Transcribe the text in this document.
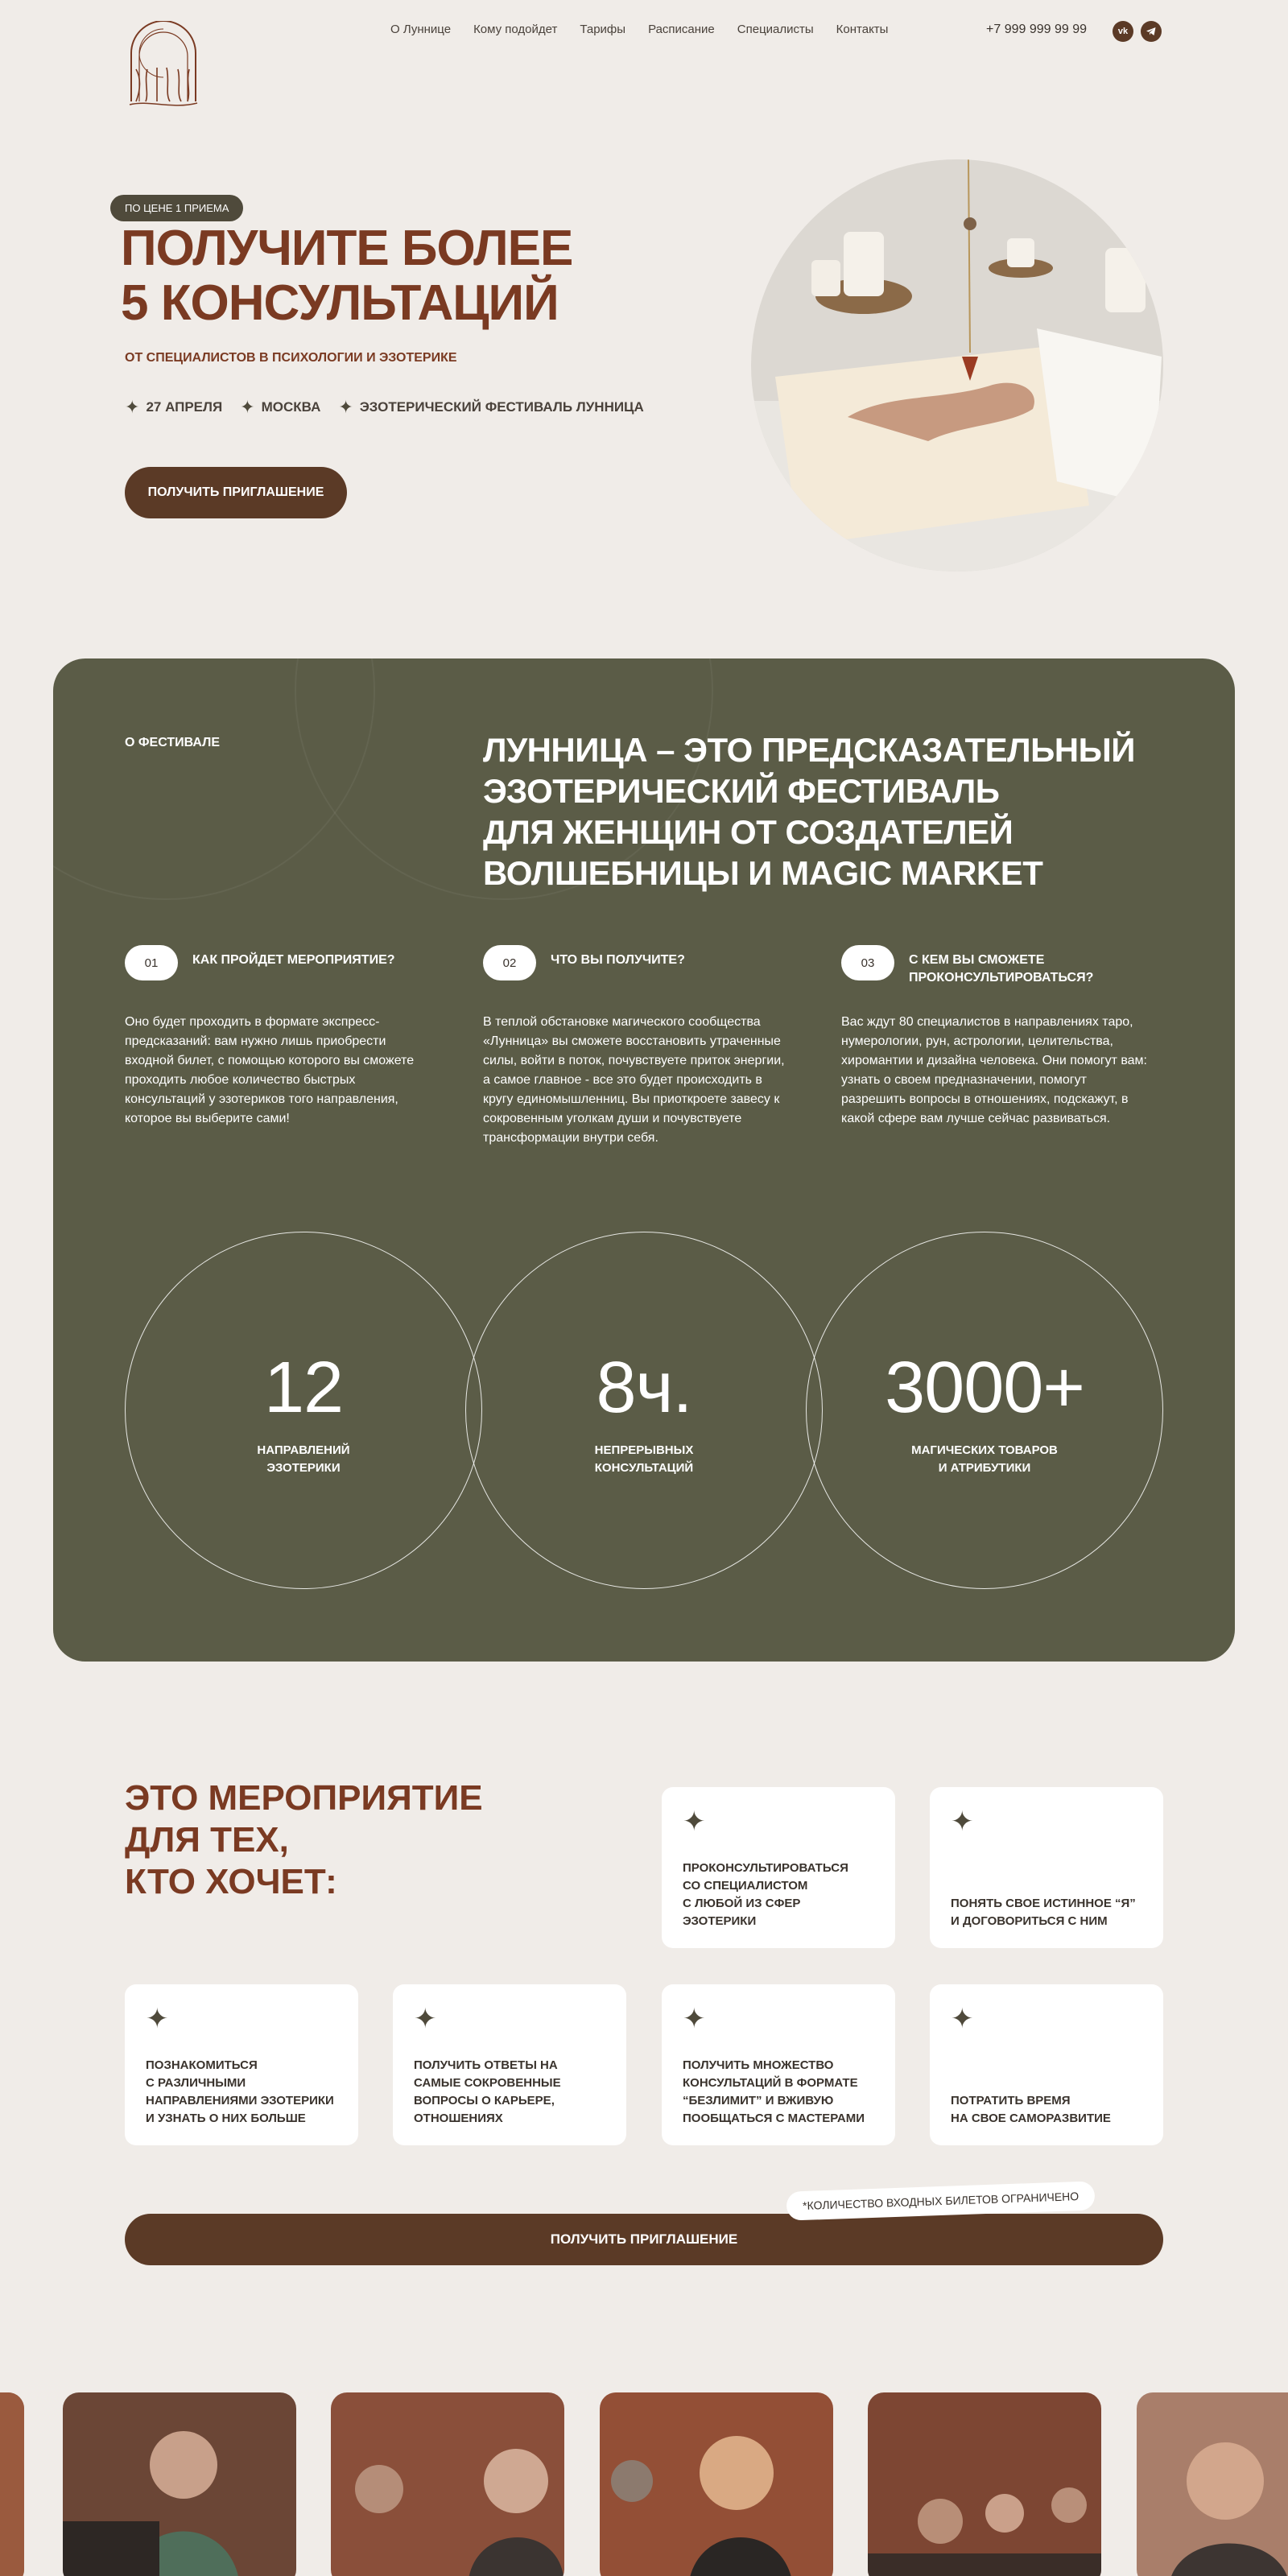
О Луннице Кому подойдет Тарифы Расписание Специалисты Контакты	+7 999 999 99 99	vk
ПО ЦЕНЕ 1 ПРИЕМА
ПОЛУЧИТЕ БОЛЕЕ
5 КОНСУЛЬТАЦИЙ
ОТ СПЕЦИАЛИСТОВ В ПСИХОЛОГИИ И ЭЗОТЕРИКЕ
✦ 27 АПРЕЛЯ ✦ МОСКВА ✦ ЭЗОТЕРИЧЕСКИЙ ФЕСТИВАЛЬ ЛУННИЦА
ПОЛУЧИТЬ ПРИГЛАШЕНИЕ
О ФЕСТИВАЛЕ	ЛУННИЦА – ЭТО ПРЕДСКАЗАТЕЛЬНЫЙ
ЭЗОТЕРИЧЕСКИЙ ФЕСТИВАЛЬ
ДЛЯ ЖЕНЩИН ОТ СОЗДАТЕЛЕЙ
ВОЛШЕБНИЦЫ И MAGIC MARKET
01	КАК ПРОЙДЕТ МЕРОПРИЯТИЕ?

Оно будет проходить в формате экспресс-предсказаний: вам нужно лишь приобрести входной билет, с помощью которого вы сможете проходить любое количество быстрых консультаций у эзотериков того направления, которое вы выберите сами!

02	ЧТО ВЫ ПОЛУЧИТЕ?

В теплой обстановке магического сообщества «Лунница» вы сможете восстановить утраченные силы, войти в поток, почувствуете приток энергии, а самое главное - все это будет происходить в кругу единомышленниц. Вы приоткроете завесу к сокровенным уголкам души и почувствуете трансформации внутри себя.

03	С КЕМ ВЫ СМОЖЕТЕ ПРОКОНСУЛЬТИРОВАТЬСЯ?

Вас ждут 80 специалистов в направлениях таро, нумерологии, рун, астрологии, целительства, хиромантии и дизайна человека. Они помогут вам: узнать о своем предназначении, помогут разрешить вопросы в отношениях, подскажут, в какой сфере вам лучше сейчас развиваться.

12
НАПРАВЛЕНИЙ
ЭЗОТЕРИКИ
8ч.
НЕПРЕРЫВНЫХ
КОНСУЛЬТАЦИЙ
3000+
МАГИЧЕСКИХ ТОВАРОВ
И АТРИБУТИКИ
ЭТО МЕРОПРИЯТИЕ
ДЛЯ ТЕХ,
КТО ХОЧЕТ:
✦
ПРОКОНСУЛЬТИРОВАТЬСЯ
СО СПЕЦИАЛИСТОМ
С ЛЮБОЙ ИЗ СФЕР
ЭЗОТЕРИКИ
✦
ПОНЯТЬ СВОЕ ИСТИННОЕ “Я”
И ДОГОВОРИТЬСЯ С НИМ
✦
ПОЗНАКОМИТЬСЯ
С РАЗЛИЧНЫМИ
НАПРАВЛЕНИЯМИ ЭЗОТЕРИКИ
И УЗНАТЬ О НИХ БОЛЬШЕ
✦
ПОЛУЧИТЬ ОТВЕТЫ НА
САМЫЕ СОКРОВЕННЫЕ
ВОПРОСЫ О КАРЬЕРЕ,
ОТНОШЕНИЯХ
✦
ПОЛУЧИТЬ МНОЖЕСТВО
КОНСУЛЬТАЦИЙ В ФОРМАТЕ
“БЕЗЛИМИТ” И ВЖИВУЮ
ПООБЩАТЬСЯ С МАСТЕРАМИ
✦
ПОТРАТИТЬ ВРЕМЯ
НА СВОЕ САМОРАЗВИТИЕ
ПОЛУЧИТЬ ПРИГЛАШЕНИЕ
*КОЛИЧЕСТВО ВХОДНЫХ БИЛЕТОВ ОГРАНИЧЕНО
